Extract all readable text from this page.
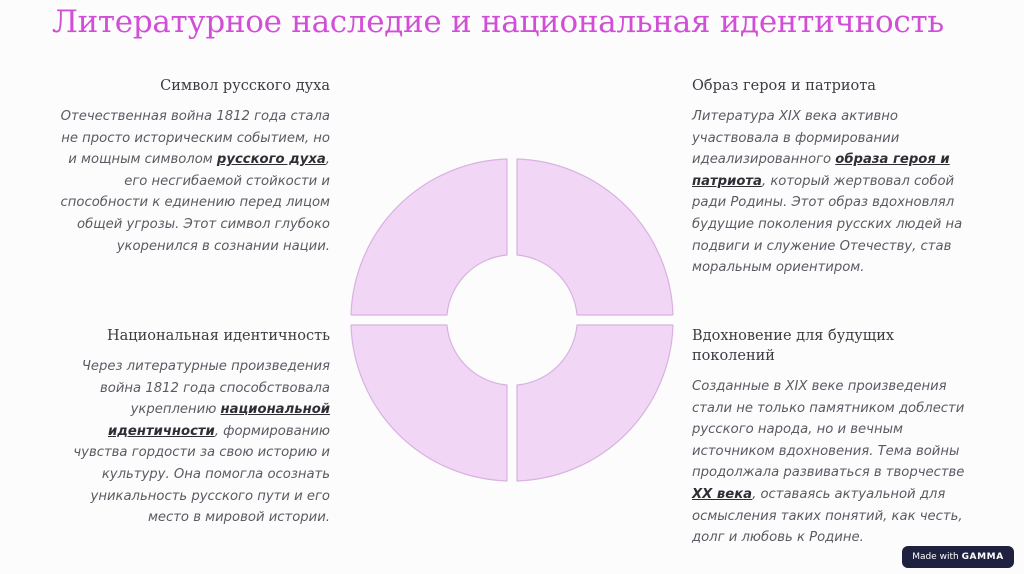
Литературное наследие и национальная идентичность
Символ русского духа

Отечественная война 1812 года стала не просто историческим событием, но и мощным символом русского духа, его несгибаемой стойкости и способности к единению перед лицом общей угрозы. Этот символ глубоко укоренился в сознании нации.

Образ героя и патриота

Литература XIX века активно участвовала в формировании идеализированного образа героя и патриота, который жертвовал собой ради Родины. Этот образ вдохновлял будущие поколения русских людей на подвиги и служение Отечеству, став моральным ориентиром.

Национальная идентичность

Через литературные произведения война 1812 года способствовала укреплению национальной идентичности, формированию чувства гордости за свою историю и культуру. Она помогла осознать уникальность русского пути и его место в мировой истории.

Вдохновение для будущих поколений

Созданные в XIX веке произведения стали не только памятником доблести русского народа, но и вечным источником вдохновения. Тема войны продолжала развиваться в творчестве XX века, оставаясь актуальной для осмысления таких понятий, как честь, долг и любовь к Родине.

Made with GAMMA
